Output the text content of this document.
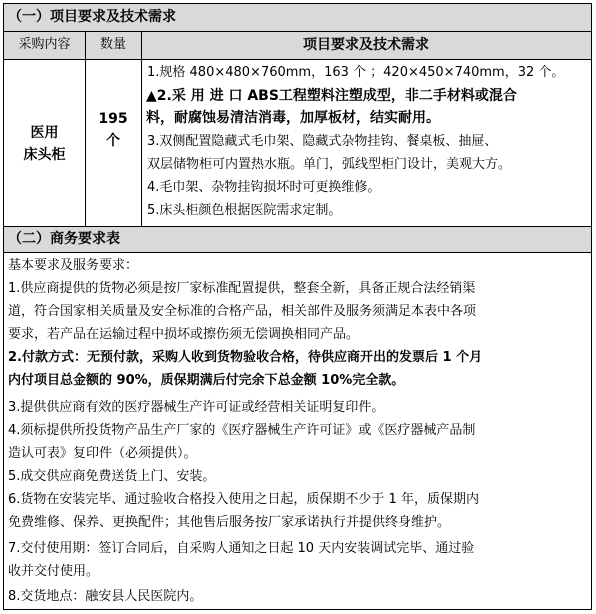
（一）项目要求及技术需求
采购内容	数量	项目要求及技术需求
医用
床头柜
195
个
1.规格 480×480×760mm，163 个 ；420×450×740mm，32 个。
▲2.采 用 进 口 ABS工程塑料注塑成型，非二手材料或混合
料，耐腐蚀易清洁消毒，加厚板材，结实耐用。
3.双侧配置隐藏式毛巾架、隐藏式杂物挂钩、餐桌板、抽屉、
双层储物柜可内置热水瓶。单门，弧线型柜门设计，美观大方。
4.毛巾架、杂物挂钩损坏时可更换维修。
5.床头柜颜色根据医院需求定制。
（二）商务要求表
基本要求及服务要求：
1.供应商提供的货物必须是按厂家标准配置提供，整套全新，具备正规合法经销渠
道，符合国家相关质量及安全标准的合格产品，相关部件及服务须满足本表中各项
要求，若产品在运输过程中损坏或擦伤须无偿调换相同产品。
2.付款方式：无预付款，采购人收到货物验收合格，待供应商开出的发票后 1 个月
内付项目总金额的 90%，质保期满后付完余下总金额 10%完全款。
3.提供供应商有效的医疗器械生产许可证或经营相关证明复印件。
4.须标提供所投货物产品生产厂家的《医疗器械生产许可证》或《医疗器械产品制
造认可表》复印件（必须提供）。
5.成交供应商免费送货上门、安装。
6.货物在安装完毕、通过验收合格投入使用之日起，质保期不少于 1 年，质保期内
免费维修、保养、更换配件；其他售后服务按厂家承诺执行并提供终身维护。
7.交付使用期：签订合同后，自采购人通知之日起 10 天内安装调试完毕、通过验
收并交付使用。
8.交货地点：融安县人民医院内。
